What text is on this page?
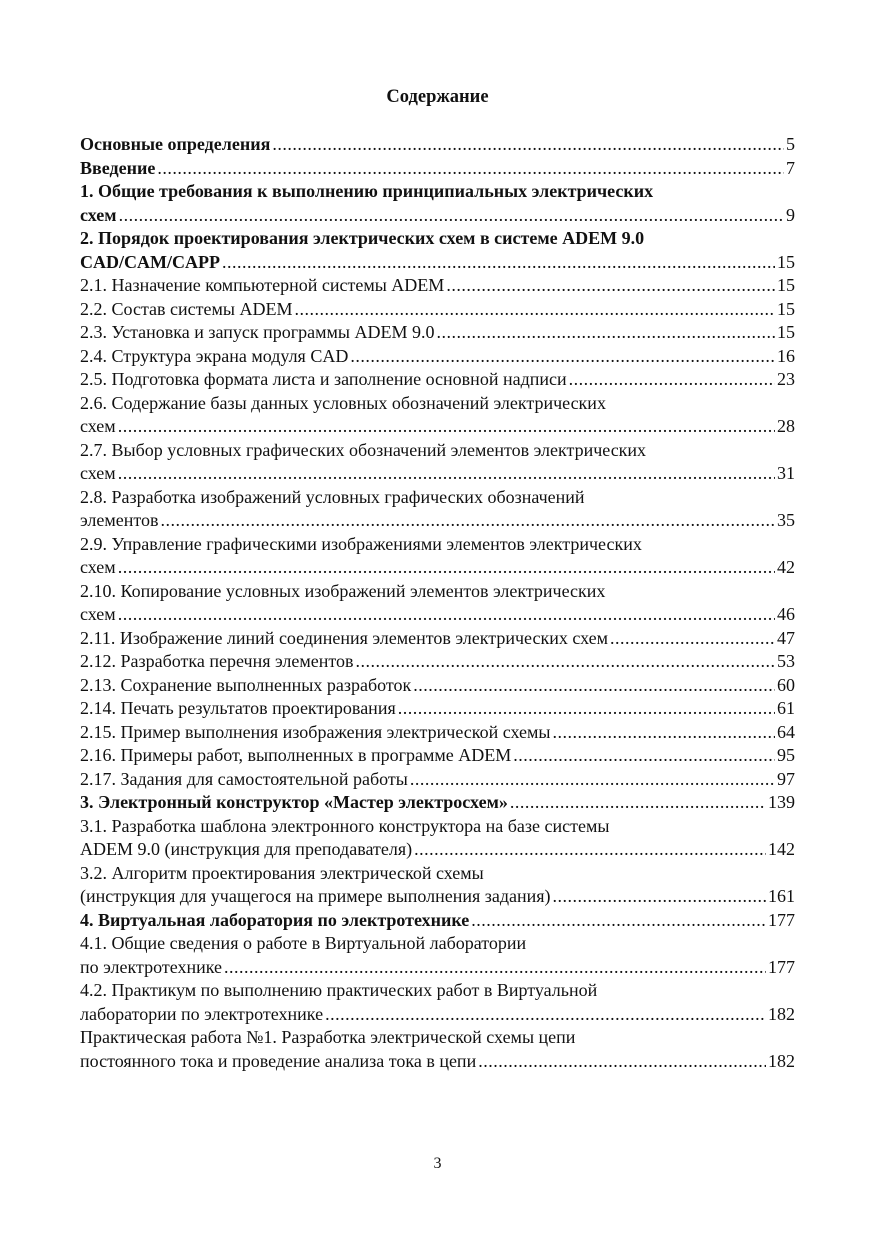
Содержание
Основные определения .....	5
Введение .....	7
1. Общие требования к выполнению принципиальных электрических
схем .....	9
2. Порядок проектирования электрических схем в системе ADEM 9.0
CAD/CAM/CAPP .....	15
2.1. Назначение компьютерной системы ADEM .....	15
2.2. Состав системы ADEM .....	15
2.3. Установка и запуск программы ADEM 9.0 .....	15
2.4. Структура экрана модуля CAD .....	16
2.5. Подготовка формата листа и заполнение основной надписи .....	23
2.6. Содержание базы данных условных обозначений электрических
схем .....	28
2.7. Выбор условных графических обозначений элементов электрических
схем .....	31
2.8. Разработка изображений условных графических обозначений
элементов .....	35
2.9. Управление графическими изображениями элементов электрических
схем .....	42
2.10. Копирование условных изображений элементов электрических
схем .....	46
2.11. Изображение линий соединения элементов электрических схем .....	47
2.12. Разработка перечня элементов .....	53
2.13. Сохранение выполненных разработок .....	60
2.14. Печать результатов проектирования .....	61
2.15. Пример выполнения изображения электрической схемы .....	64
2.16. Примеры работ, выполненных в программе ADEM .....	95
2.17. Задания для самостоятельной работы .....	97
3. Электронный конструктор «Мастер электросхем» .....	139
3.1. Разработка шаблона электронного конструктора на базе системы
ADEM 9.0 (инструкция для преподавателя) .....	142
3.2. Алгоритм проектирования электрической схемы
(инструкция для учащегося на примере выполнения задания) .....	161
4. Виртуальная лаборатория по электротехнике .....	177
4.1. Общие сведения о работе в Виртуальной лаборатории
по электротехнике .....	177
4.2. Практикум по выполнению практических работ в Виртуальной
лаборатории по электротехнике .....	182
Практическая работа №1. Разработка электрической схемы цепи
постоянного тока и проведение анализа тока в цепи .....	182
3
